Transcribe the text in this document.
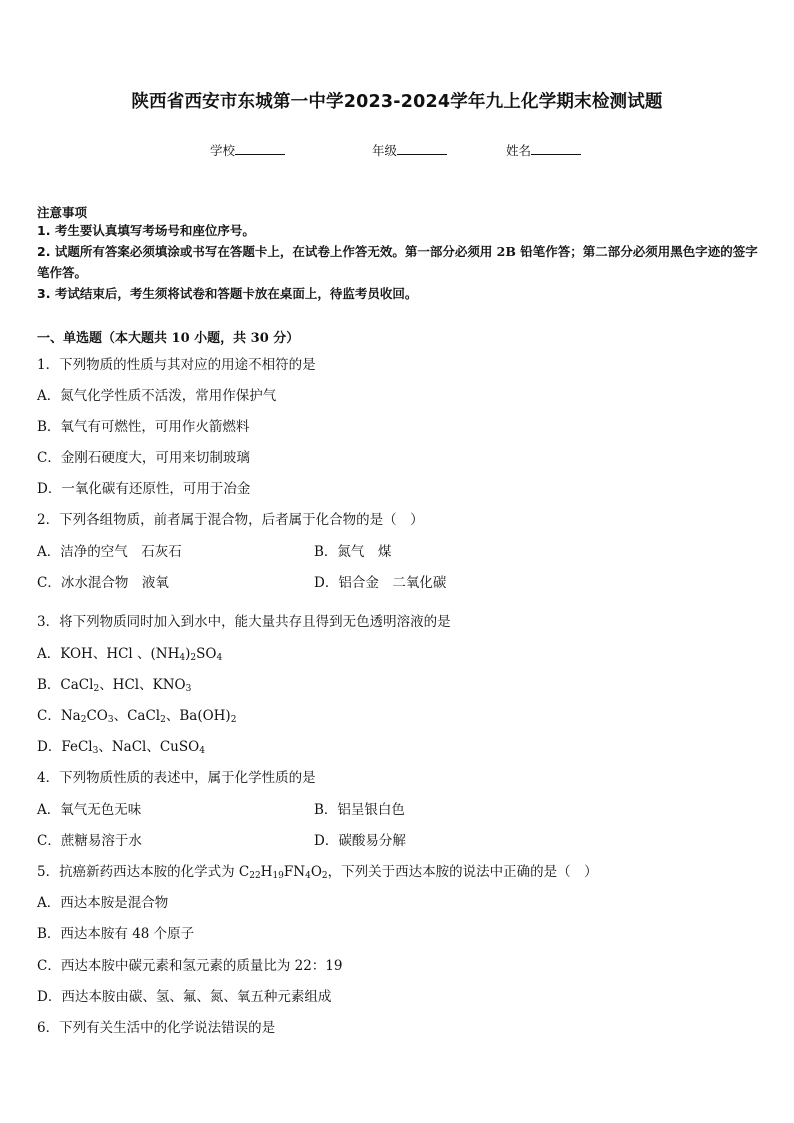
陕西省西安市东城第一中学2023-2024学年九上化学期末检测试题
学校	年级	姓名
注意事项
1. 考生要认真填写考场号和座位序号。
2. 试题所有答案必须填涂或书写在答题卡上，在试卷上作答无效。第一部分必须用 2B 铅笔作答；第二部分必须用黑色字迹的签字笔作答。
3. 考试结束后，考生须将试卷和答题卡放在桌面上，待监考员收回。
一、单选题（本大题共 10 小题，共 30 分）
1．下列物质的性质与其对应的用途不相符的是
A．氮气化学性质不活泼，常用作保护气
B．氧气有可燃性，可用作火箭燃料
C．金刚石硬度大，可用来切制玻璃
D．一氧化碳有还原性，可用于冶金
2．下列各组物质，前者属于混合物，后者属于化合物的是（　）
A．洁净的空气　石灰石	B．氮气　煤
C．冰水混合物　液氧	D．铝合金　二氧化碳
3．将下列物质同时加入到水中，能大量共存且得到无色透明溶液的是
A．KOH、HCl 、$(NH_4)_2SO_4$
B．CaCl$_2$、HCl、$KNO_3$
C．$Na_2CO_3$、CaCl$_2$、$Ba(OH)_2$
D．FeCl$_3$、NaCl、CuSO$_4$
4．下列物质性质的表述中，属于化学性质的是
A．氧气无色无味	B．铝呈银白色
C．蔗糖易溶于水	D．碳酸易分解
5．抗癌新药西达本胺的化学式为 $C_{22}H_{19}FN_4O_2$，下列关于西达本胺的说法中正确的是（　）
A．西达本胺是混合物
B．西达本胺有 48 个原子
C．西达本胺中碳元素和氢元素的质量比为 22：19
D．西达本胺由碳、氢、氟、氮、氧五种元素组成
6．下列有关生活中的化学说法错误的是
